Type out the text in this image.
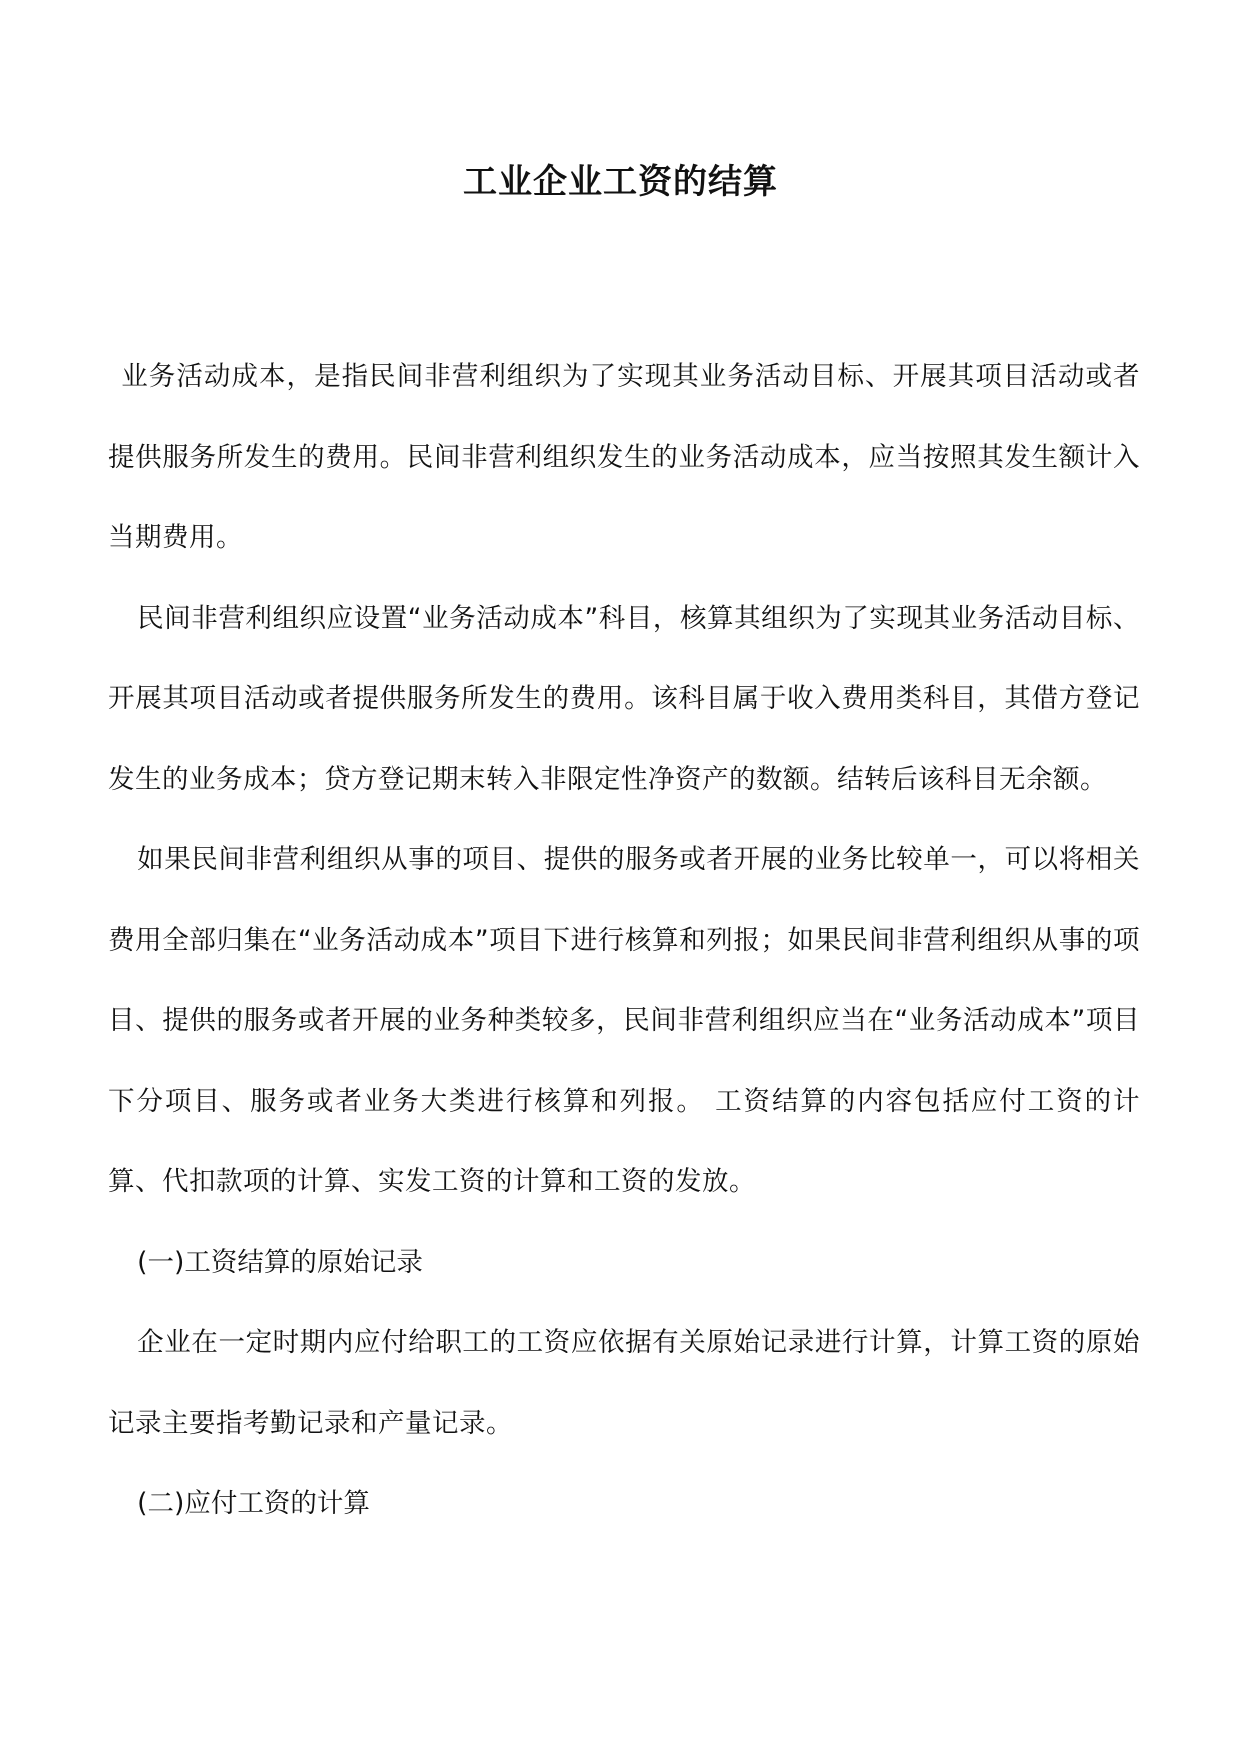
工业企业工资的结算

业务活动成本，是指民间非营利组织为了实现其业务活动目标、开展其项目活动或者提供服务所发生的费用。民间非营利组织发生的业务活动成本，应当按照其发生额计入当期费用。

民间非营利组织应设置“业务活动成本”科目，核算其组织为了实现其业务活动目标、开展其项目活动或者提供服务所发生的费用。该科目属于收入费用类科目，其借方登记发生的业务成本；贷方登记期末转入非限定性净资产的数额。结转后该科目无余额。

如果民间非营利组织从事的项目、提供的服务或者开展的业务比较单一，可以将相关费用全部归集在“业务活动成本”项目下进行核算和列报；如果民间非营利组织从事的项目、提供的服务或者开展的业务种类较多，民间非营利组织应当在“业务活动成本”项目下分项目、服务或者业务大类进行核算和列报。 工资结算的内容包括应付工资的计算、代扣款项的计算、实发工资的计算和工资的发放。

(一)工资结算的原始记录

企业在一定时期内应付给职工的工资应依据有关原始记录进行计算，计算工资的原始记录主要指考勤记录和产量记录。

(二)应付工资的计算
